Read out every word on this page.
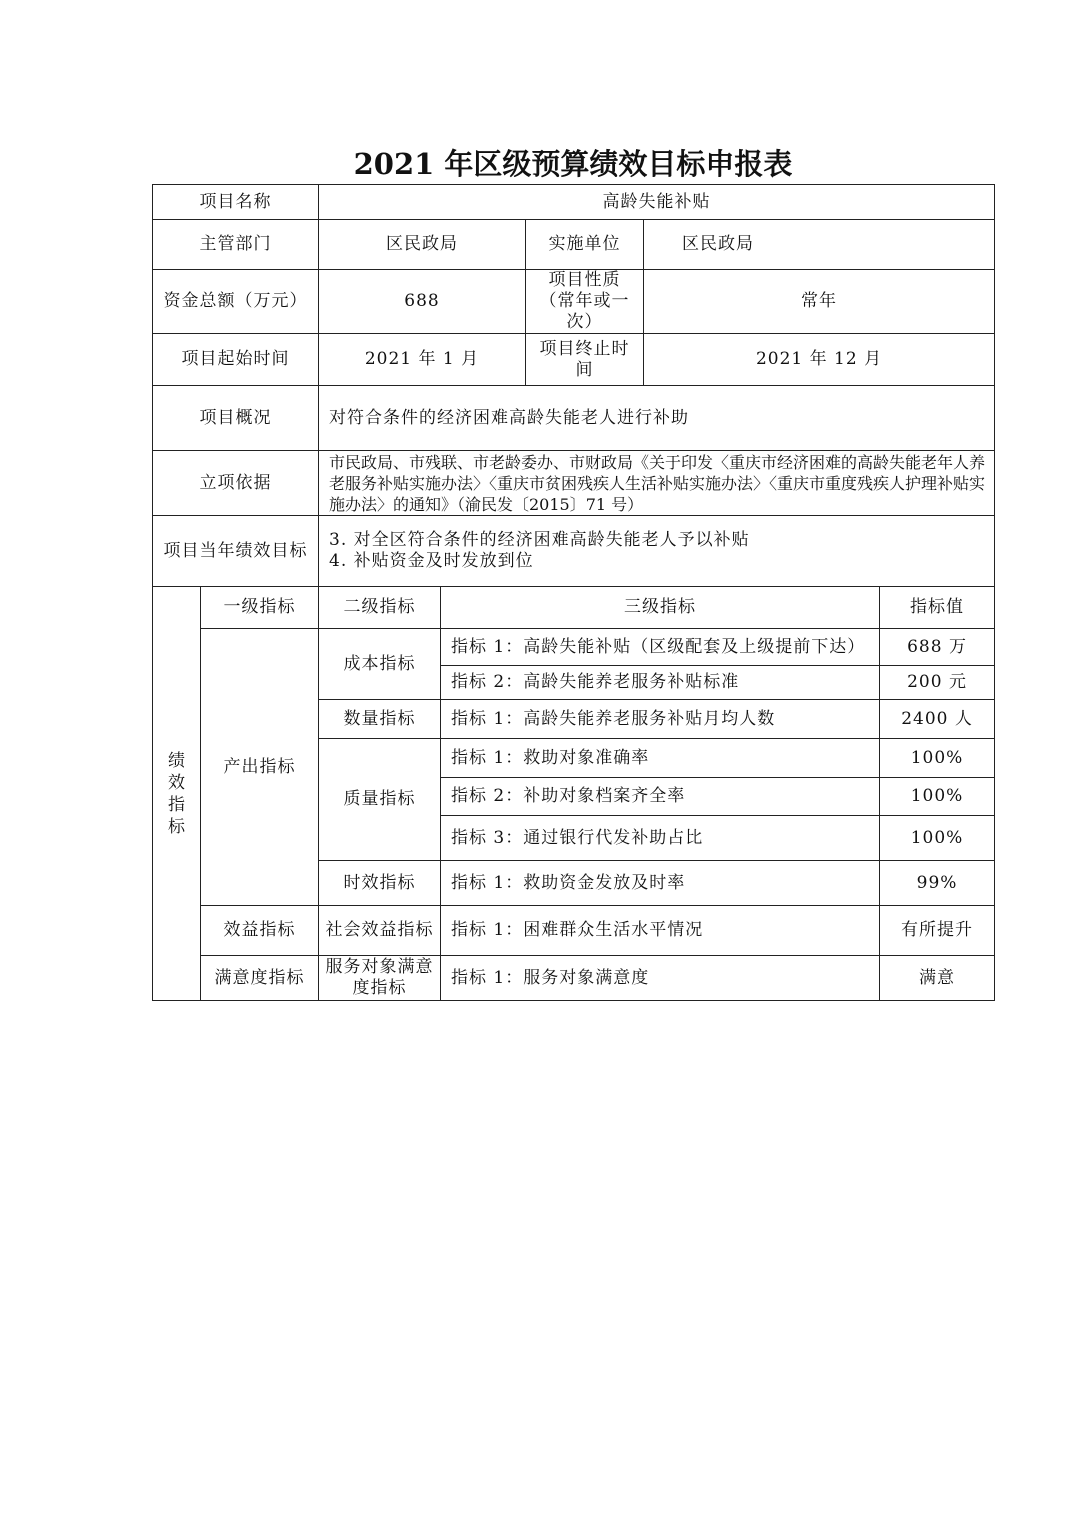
2021 年区级预算绩效目标申报表
项目名称		高龄失能补贴				
主管部门		区民政局		实施单位	区民政局	
资金总额（万元）		688		项目性质（常年或一次）	常年	
项目起始时间		2021 年 1 月		项目终止时间	2021 年 12 月	
项目概况		对符合条件的经济困难高龄失能老人进行补助				
立项依据		市民政局、市残联、市老龄委办、市财政局《关于印发〈重庆市经济困难的高龄失能老年人养老服务补贴实施办法〉〈重庆市贫困残疾人生活补贴实施办法〉〈重庆市重度残疾人护理补贴实施办法〉的通知》（渝民发〔2015〕71 号）				
项目当年绩效目标		3. 对全区符合条件的经济困难高龄失能老人予以补贴
4. 补贴资金及时发放到位				

绩效指标	一级指标	二级指标	三级指标			指标值
	产出指标	成本指标	指标 1：高龄失能补贴（区级配套及上级提前下达）			688 万
			指标 2：高龄失能养老服务补贴标准			200 元
		数量指标	指标 1：高龄失能养老服务补贴月均人数			2400 人
		质量指标	指标 1：救助对象准确率			100%
			指标 2：补助对象档案齐全率			100%
			指标 3：通过银行代发补助占比			100%
		时效指标	指标 1：救助资金发放及时率			99%
	效益指标	社会效益指标	指标 1：困难群众生活水平情况			有所提升
	满意度指标	服务对象满意度指标	指标 1：服务对象满意度			满意
